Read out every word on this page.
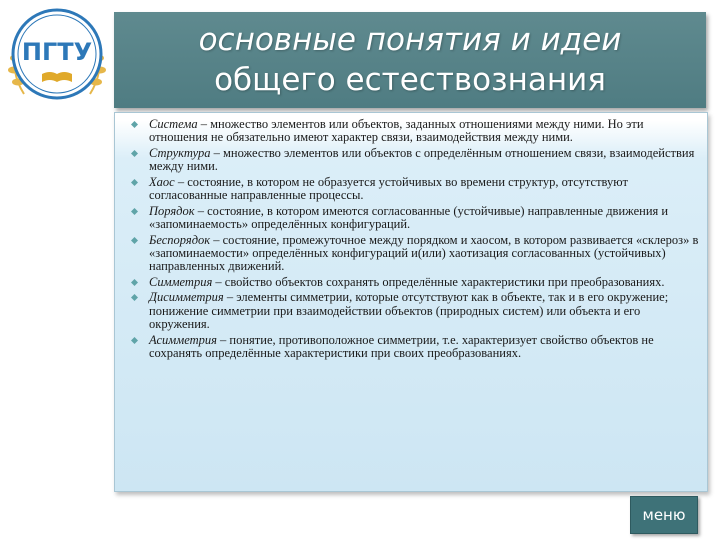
ПГТУ	основные понятия и идеи
общего естествознания
Система – множество элементов или объектов, заданных отношениями между ними. Но эти отношения не обязательно имеют характер связи, взаимодействия между ними.
Структура – множество элементов или объектов с определённым отношением связи, взаимодействия между ними.
Хаос – состояние, в котором не образуется устойчивых во времени структур, отсутствуют согласованные направленные процессы.
Порядок – состояние, в котором имеются согласованные (устойчивые) направленные движения и «запоминаемость» определённых конфигураций.
Беспорядок – состояние, промежуточное между порядком и хаосом, в котором развивается «склероз» в «запоминаемости» определённых конфигураций и(или) хаотизация согласованных (устойчивых) направленных движений.
Симметрия – свойство объектов сохранять определённые характеристики при преобразованиях.
Дисимметрия – элементы симметрии, которые отсутствуют как в объекте, так и в его окружение; понижение симметрии при взаимодействии объектов (природных систем) или объекта и его окружения.
Асимметрия – понятие, противоположное симметрии, т.е. характеризует свойство объектов не сохранять определённые характеристики при своих преобразованиях.
меню
